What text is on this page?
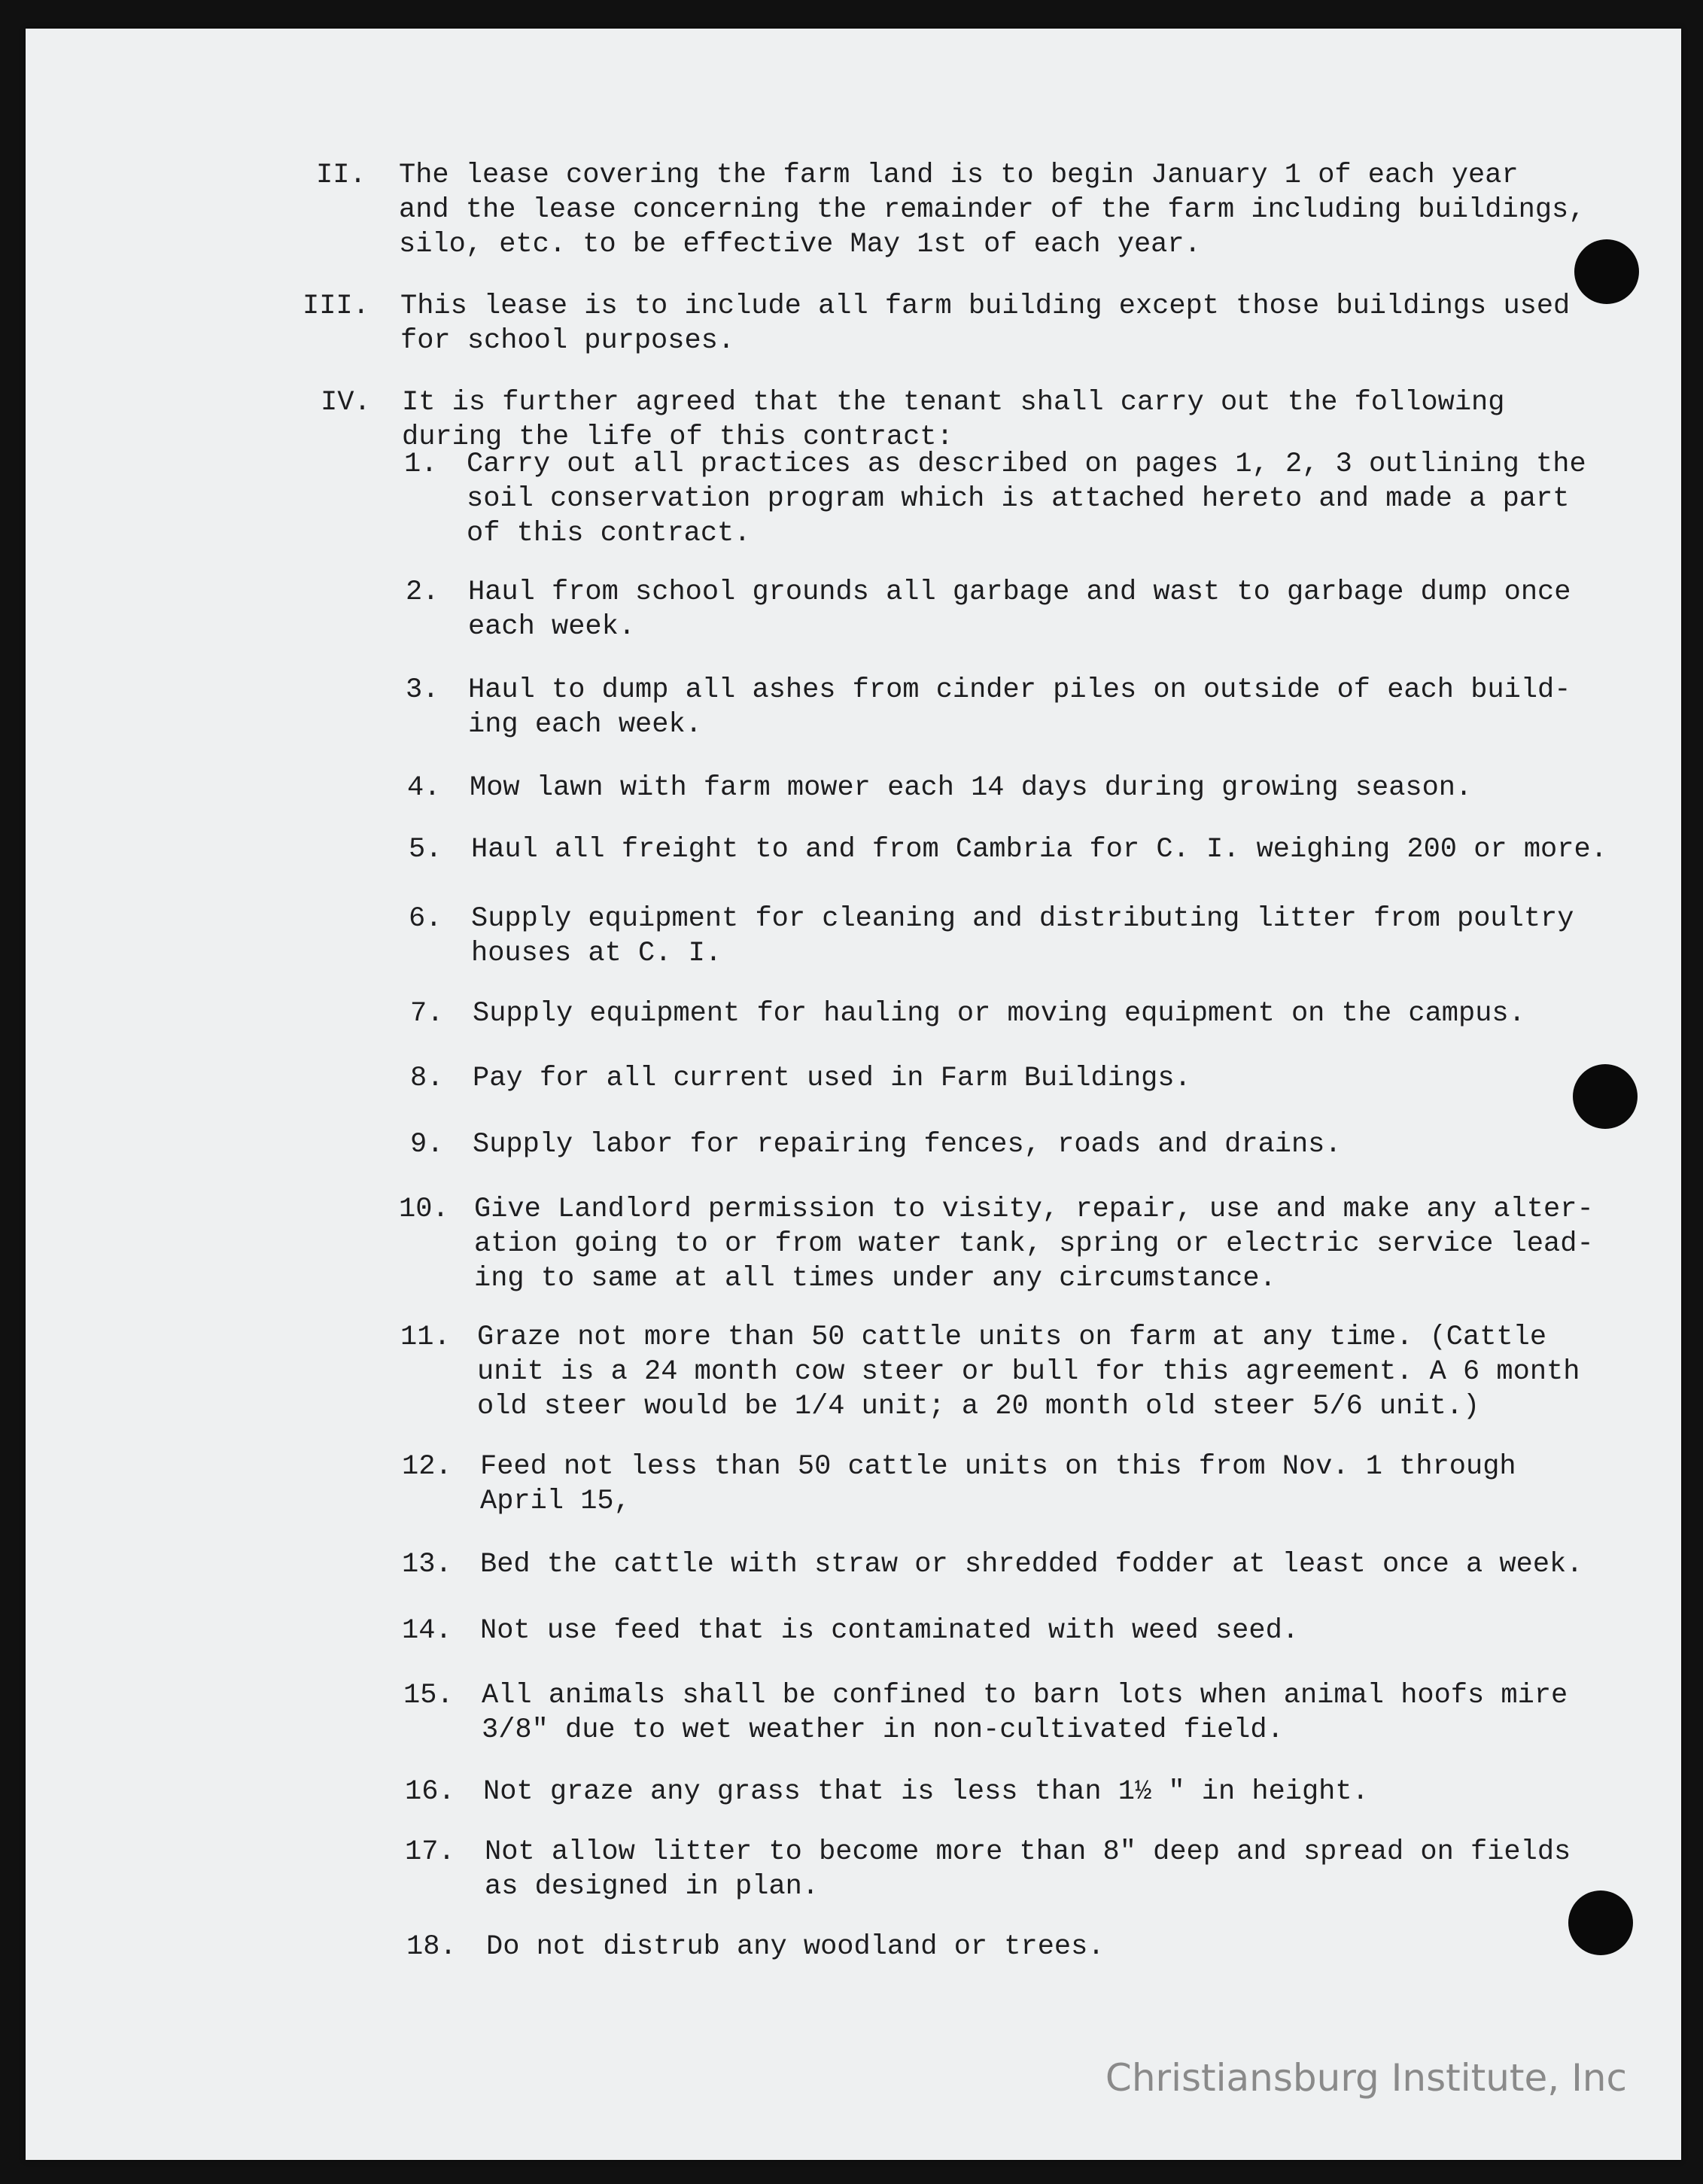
II. The lease covering the farm land is to begin January 1 of each year
and the lease concerning the remainder of the farm including buildings,
silo, etc. to be effective May 1st of each year.
III. This lease is to include all farm building except those buildings used
for school purposes.
IV. It is further agreed that the tenant shall carry out the following
during the life of this contract:
1. Carry out all practices as described on pages 1, 2, 3 outlining the
soil conservation program which is attached hereto and made a part
of this contract.
2. Haul from school grounds all garbage and wast to garbage dump once
each week.
3. Haul to dump all ashes from cinder piles on outside of each build-
ing each week.
4. Mow lawn with farm mower each 14 days during growing season.
5. Haul all freight to and from Cambria for C. I. weighing 200 or more.
6. Supply equipment for cleaning and distributing litter from poultry
houses at C. I.
7. Supply equipment for hauling or moving equipment on the campus.
8. Pay for all current used in Farm Buildings.
9. Supply labor for repairing fences, roads and drains.
10. Give Landlord permission to visity, repair, use and make any alter-
ation going to or from water tank, spring or electric service lead-
ing to same at all times under any circumstance.
11. Graze not more than 50 cattle units on farm at any time. (Cattle
unit is a 24 month cow steer or bull for this agreement. A 6 month
old steer would be 1/4 unit; a 20 month old steer 5/6 unit.)
12. Feed not less than 50 cattle units on this from Nov. 1 through
April 15,
13. Bed the cattle with straw or shredded fodder at least once a week.
14. Not use feed that is contaminated with weed seed.
15. All animals shall be confined to barn lots when animal hoofs mire
3/8" due to wet weather in non-cultivated field.
16. Not graze any grass that is less than 1½ " in height.
17. Not allow litter to become more than 8" deep and spread on fields
as designed in plan.
18. Do not distrub any woodland or trees.
Christiansburg Institute, Inc
